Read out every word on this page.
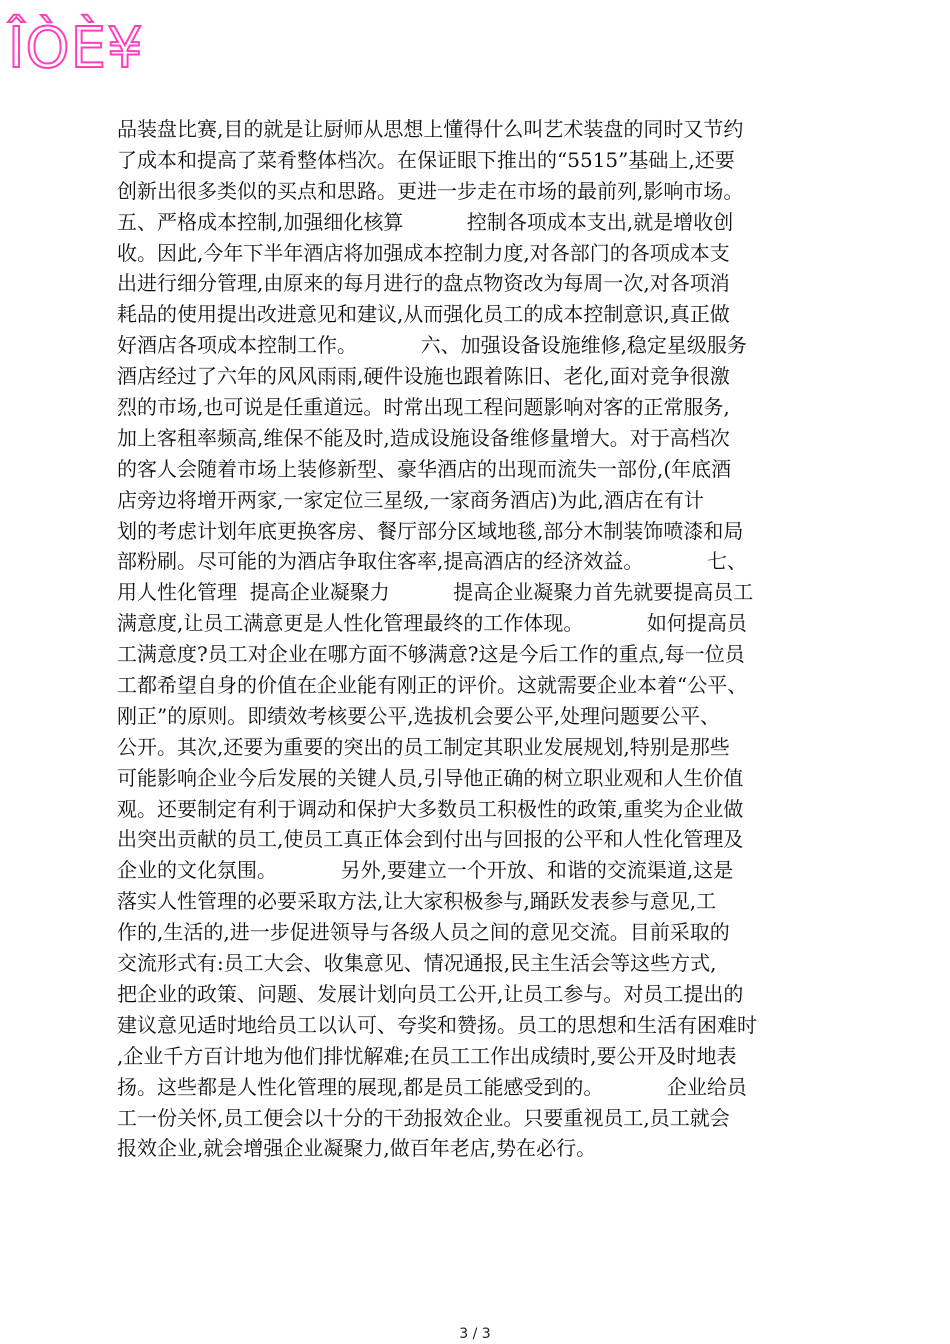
ÎÒÈ¥
品装盘比赛,目的就是让厨师从思想上懂得什么叫艺术装盘的同时又节约
了成本和提高了菜肴整体档次。在保证眼下推出的“5515”基础上,还要
创新出很多类似的买点和思路。更进一步走在市场的最前列,影响市场。
五、严格成本控制,加强细化核算          控制各项成本支出,就是增收创
收。因此,今年下半年酒店将加强成本控制力度,对各部门的各项成本支
出进行细分管理,由原来的每月进行的盘点物资改为每周一次,对各项消
耗品的使用提出改进意见和建议,从而强化员工的成本控制意识,真正做
好酒店各项成本控制工作。          六、加强设备设施维修,稳定星级服务
酒店经过了六年的风风雨雨,硬件设施也跟着陈旧、老化,面对竞争很激
烈的市场,也可说是任重道远。时常出现工程问题影响对客的正常服务,
加上客租率频高,维保不能及时,造成设施设备维修量增大。对于高档次
的客人会随着市场上装修新型、豪华酒店的出现而流失一部份,(年底酒
店旁边将增开两家,一家定位三星级,一家商务酒店)为此,酒店在有计
划的考虑计划年底更换客房、餐厅部分区域地毯,部分木制装饰喷漆和局
部粉刷。尽可能的为酒店争取住客率,提高酒店的经济效益。          七、
用人性化管理  提高企业凝聚力          提高企业凝聚力首先就要提高员工
满意度,让员工满意更是人性化管理最终的工作体现。          如何提高员
工满意度?员工对企业在哪方面不够满意?这是今后工作的重点,每一位员
工都希望自身的价值在企业能有刚正的评价。这就需要企业本着“公平、
刚正”的原则。即绩效考核要公平,选拔机会要公平,处理问题要公平、
公开。其次,还要为重要的突出的员工制定其职业发展规划,特别是那些
可能影响企业今后发展的关键人员,引导他正确的树立职业观和人生价值
观。还要制定有利于调动和保护大多数员工积极性的政策,重奖为企业做
出突出贡献的员工,使员工真正体会到付出与回报的公平和人性化管理及
企业的文化氛围。          另外,要建立一个开放、和谐的交流渠道,这是
落实人性管理的必要采取方法,让大家积极参与,踊跃发表参与意见,工
作的,生活的,进一步促进领导与各级人员之间的意见交流。目前采取的
交流形式有:员工大会、收集意见、情况通报,民主生活会等这些方式,
把企业的政策、问题、发展计划向员工公开,让员工参与。对员工提出的
建议意见适时地给员工以认可、夸奖和赞扬。员工的思想和生活有困难时
,企业千方百计地为他们排忧解难;在员工工作出成绩时,要公开及时地表
扬。这些都是人性化管理的展现,都是员工能感受到的。          企业给员
工一份关怀,员工便会以十分的干劲报效企业。只要重视员工,员工就会
报效企业,就会增强企业凝聚力,做百年老店,势在必行。
3 / 3
